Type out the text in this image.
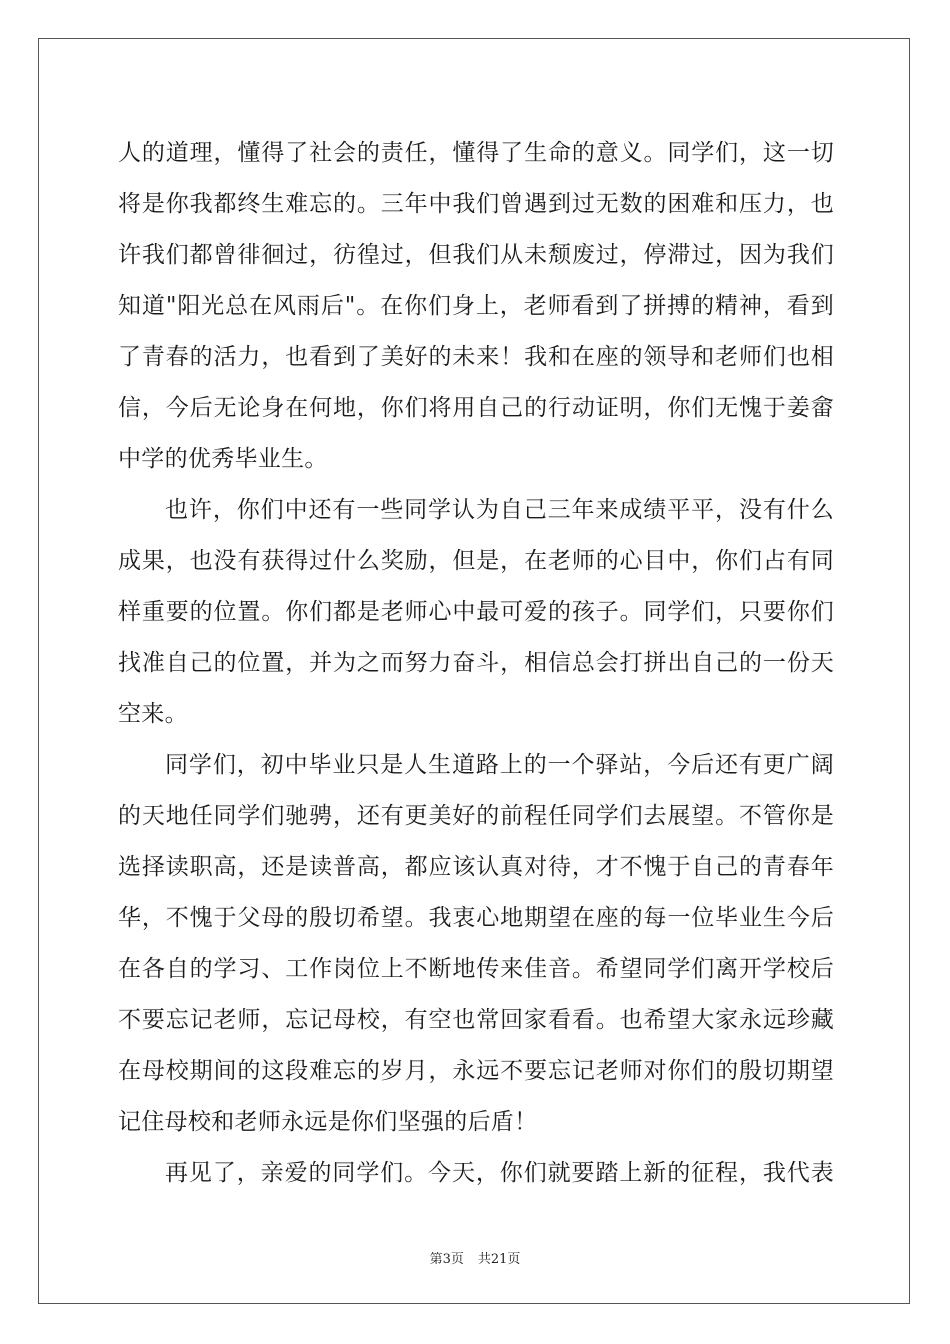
人的道理，懂得了社会的责任，懂得了生命的意义。同学们，这一切
将是你我都终生难忘的。三年中我们曾遇到过无数的困难和压力，也
许我们都曾徘徊过，彷徨过，但我们从未颓废过，停滞过，因为我们
知道"阳光总在风雨后"。在你们身上，老师看到了拼搏的精神，看到
了青春的活力，也看到了美好的未来！我和在座的领导和老师们也相
信，今后无论身在何地，你们将用自己的行动证明，你们无愧于姜畲
中学的优秀毕业生。
也许，你们中还有一些同学认为自己三年来成绩平平，没有什么
成果，也没有获得过什么奖励，但是，在老师的心目中，你们占有同
样重要的位置。你们都是老师心中最可爱的孩子。同学们，只要你们
找准自己的位置，并为之而努力奋斗，相信总会打拼出自己的一份天
空来。
同学们，初中毕业只是人生道路上的一个驿站，今后还有更广阔
的天地任同学们驰骋，还有更美好的前程任同学们去展望。不管你是
选择读职高，还是读普高，都应该认真对待，才不愧于自己的青春年
华，不愧于父母的殷切希望。我衷心地期望在座的每一位毕业生今后
在各自的学习、工作岗位上不断地传来佳音。希望同学们离开学校后
不要忘记老师，忘记母校，有空也常回家看看。也希望大家永远珍藏
在母校期间的这段难忘的岁月，永远不要忘记老师对你们的殷切期望
记住母校和老师永远是你们坚强的后盾！
再见了，亲爱的同学们。今天，你们就要踏上新的征程，我代表
第3页 共21页
